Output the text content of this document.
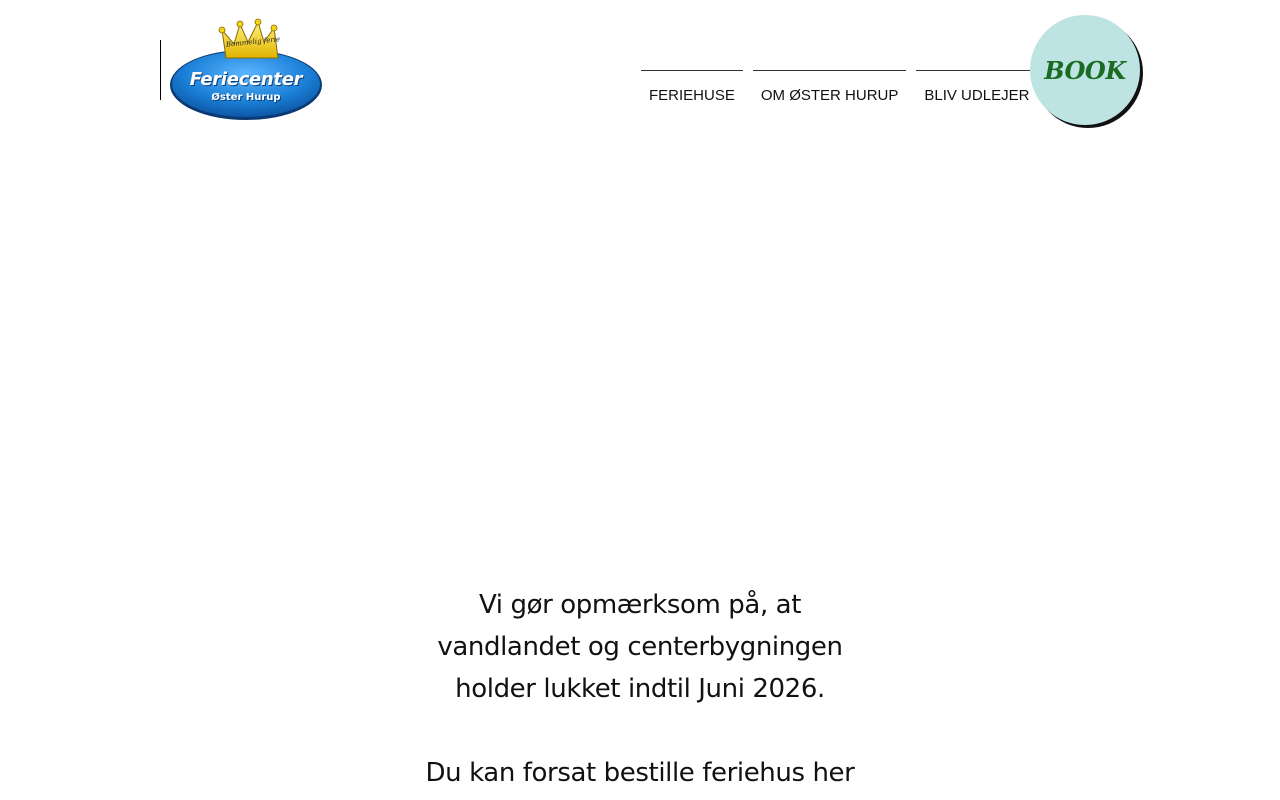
Bommelig ferie
Feriecenter
Øster Hurup	FERIEHUSE	OM ØSTER HURUP	BLIV UDLEJER
BOOK

Vi gør opmærksom på, at

vandlandet og centerbygningen

holder lukket indtil Juni 2026.

Du kan forsat bestille feriehus her
